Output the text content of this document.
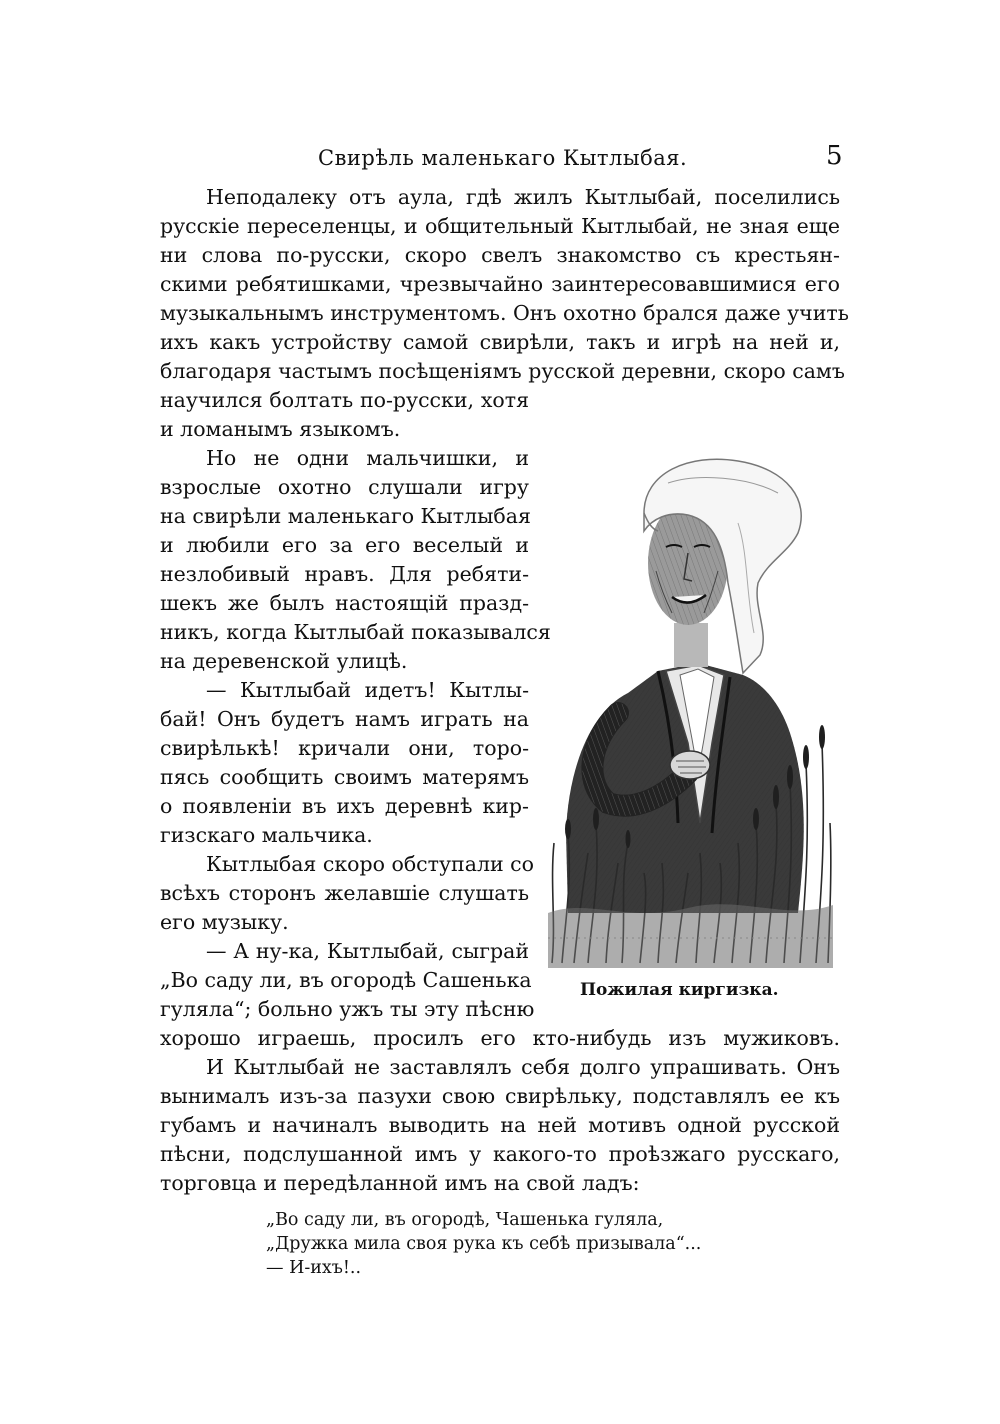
Свирѣль маленькаго Кытлыбая.	5
Неподалеку отъ аула, гдѣ жилъ Кытлыбай, поселились
русскіе переселенцы, и общительный Кытлыбай, не зная еще
ни слова по-русски, скоро свелъ знакомство съ крестьян-
скими ребятишками, чрезвычайно заинтересовавшимися его
музыкальнымъ инструментомъ. Онъ охотно брался даже учить
ихъ какъ устройству самой свирѣли, такъ и игрѣ на ней и,
благодаря частымъ посѣщеніямъ русской деревни, скоро самъ
научился болтать по-русски, хотя
и ломанымъ языкомъ.
Но не одни мальчишки, и
взрослые охотно слушали игру
на свирѣли маленькаго Кытлыбая
и любили его за его веселый и
незлобивый нравъ. Для ребяти-
шекъ же былъ настоящій празд-
никъ, когда Кытлыбай показывался
на деревенской улицѣ.
— Кытлыбай идетъ! Кытлы-
бай! Онъ будетъ намъ играть на
свирѣлькѣ! кричали они, торо-
пясь сообщить своимъ матерямъ
о появленіи въ ихъ деревнѣ кир-
гизскаго мальчика.
Кытлыбая скоро обступали со
всѣхъ сторонъ желавшіе слушать
его музыку.
— А ну-ка, Кытлыбай, сыграй
„Во саду ли, въ огородѣ Сашенька
гуляла“; больно ужъ ты эту пѣсню
хорошо играешь, просилъ его кто-нибудь изъ мужиковъ.
И Кытлыбай не заставлялъ себя долго упрашивать. Онъ
вынималъ изъ-за пазухи свою свирѣльку, подставлялъ ее къ
губамъ и начиналъ выводить на ней мотивъ одной русской
пѣсни, подслушанной имъ у какого-то проѣзжаго русскаго,
торговца и передѣланной имъ на свой ладъ:
„Во саду ли, въ огородѣ, Чашенька гуляла,
„Дружка мила своя рука къ себѣ призывала“...
— И-ихъ!..
Пожилая киргизка.
